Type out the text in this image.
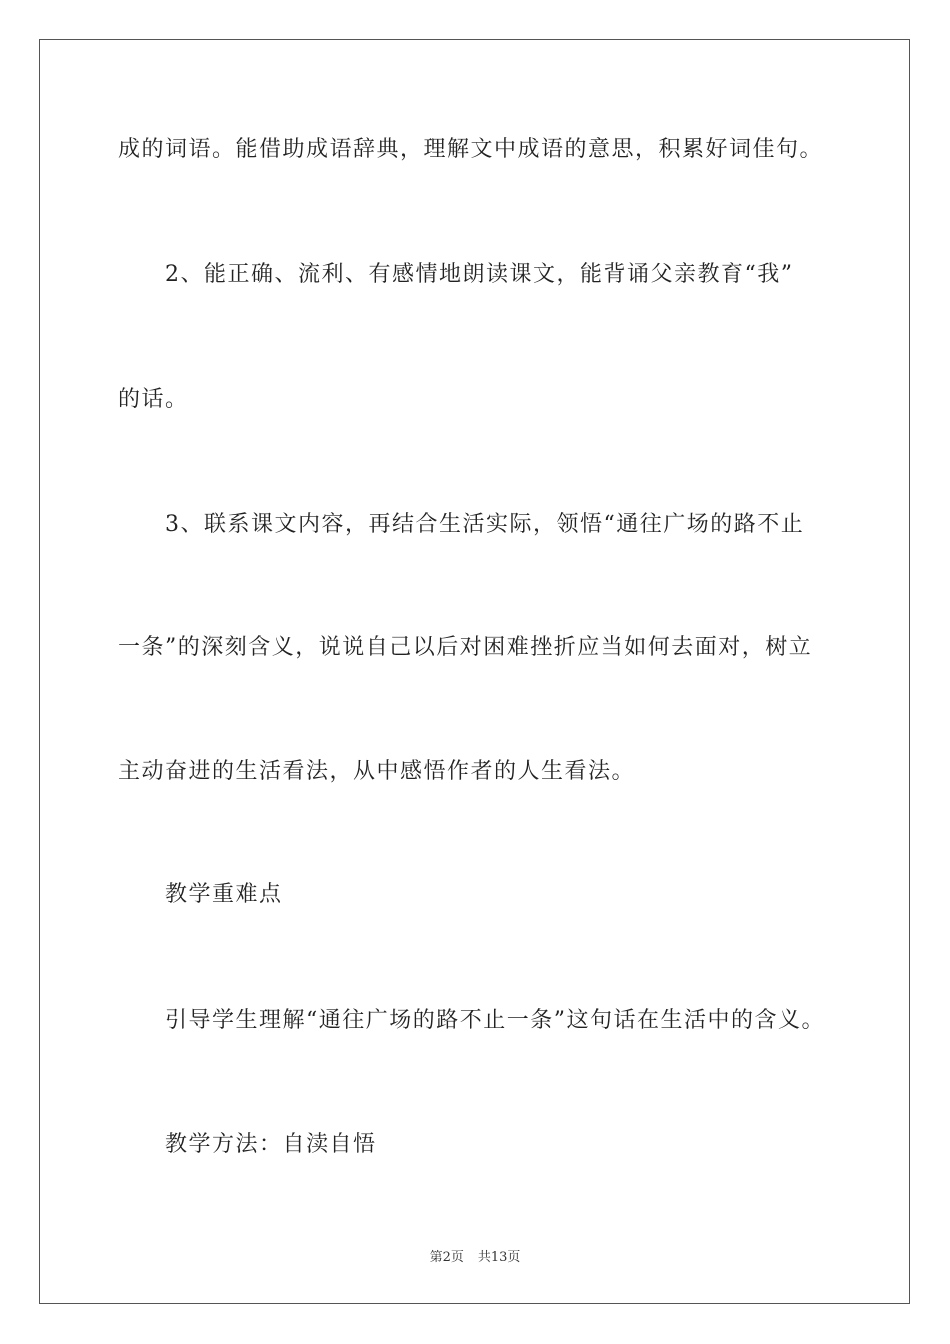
成的词语。能借助成语辞典，理解文中成语的意思，积累好词佳句。
2、能正确、流利、有感情地朗读课文，能背诵父亲教育“我”
的话。
3、联系课文内容，再结合生活实际，领悟“通往广场的路不止
一条”的深刻含义，说说自己以后对困难挫折应当如何去面对，树立
主动奋进的生活看法，从中感悟作者的人生看法。
教学重难点
引导学生理解“通往广场的路不止一条”这句话在生活中的含义。
教学方法：自渎自悟
第2页 共13页
